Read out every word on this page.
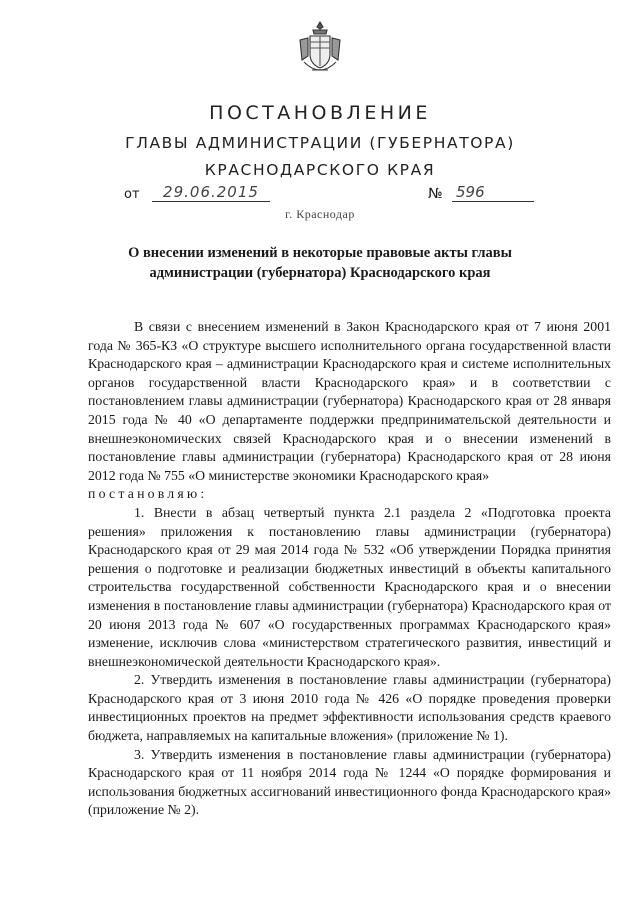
ПОСТАНОВЛЕНИЕ
ГЛАВЫ АДМИНИСТРАЦИИ (ГУБЕРНАТОРА)
КРАСНОДАРСКОГО КРАЯ
от	29.06.2015	№ 596
г. Краснодар
О внесении изменений в некоторые правовые акты главы администрации (губернатора) Краснодарского края

В связи с внесением изменений в Закон Краснодарского края от 7 июня 2001 года № 365-КЗ «О структуре высшего исполнительного органа государственной власти Краснодарского края – администрации Краснодарского края и системе исполнительных органов государственной власти Краснодарского края» и в соответствии с постановлением главы администрации (губернатора) Краснодарского края от 28 января 2015 года № 40 «О департаменте поддержки предпринимательской деятельности и внешнеэкономических связей Краснодарского края и о внесении изменений в постановление главы администрации (губернатора) Краснодарского края от 28 июня 2012 года № 755 «О министерстве экономики Краснодарского края»
постановляю:

1. Внести в абзац четвертый пункта 2.1 раздела 2 «Подготовка проекта решения» приложения к постановлению главы администрации (губернатора) Краснодарского края от 29 мая 2014 года № 532 «Об утверждении Порядка принятия решения о подготовке и реализации бюджетных инвестиций в объекты капитального строительства государственной собственности Краснодарского края и о внесении изменения в постановление главы администрации (губернатора) Краснодарского края от 20 июня 2013 года № 607 «О государственных программах Краснодарского края» изменение, исключив слова «министерством стратегического развития, инвестиций и внешнеэкономической деятельности Краснодарского края».

2. Утвердить изменения в постановление главы администрации (губернатора) Краснодарского края от 3 июня 2010 года № 426 «О порядке проведения проверки инвестиционных проектов на предмет эффективности использования средств краевого бюджета, направляемых на капитальные вложения» (приложение № 1).

3. Утвердить изменения в постановление главы администрации (губернатора) Краснодарского края от 11 ноября 2014 года № 1244 «О порядке формирования и использования бюджетных ассигнований инвестиционного фонда Краснодарского края» (приложение № 2).
